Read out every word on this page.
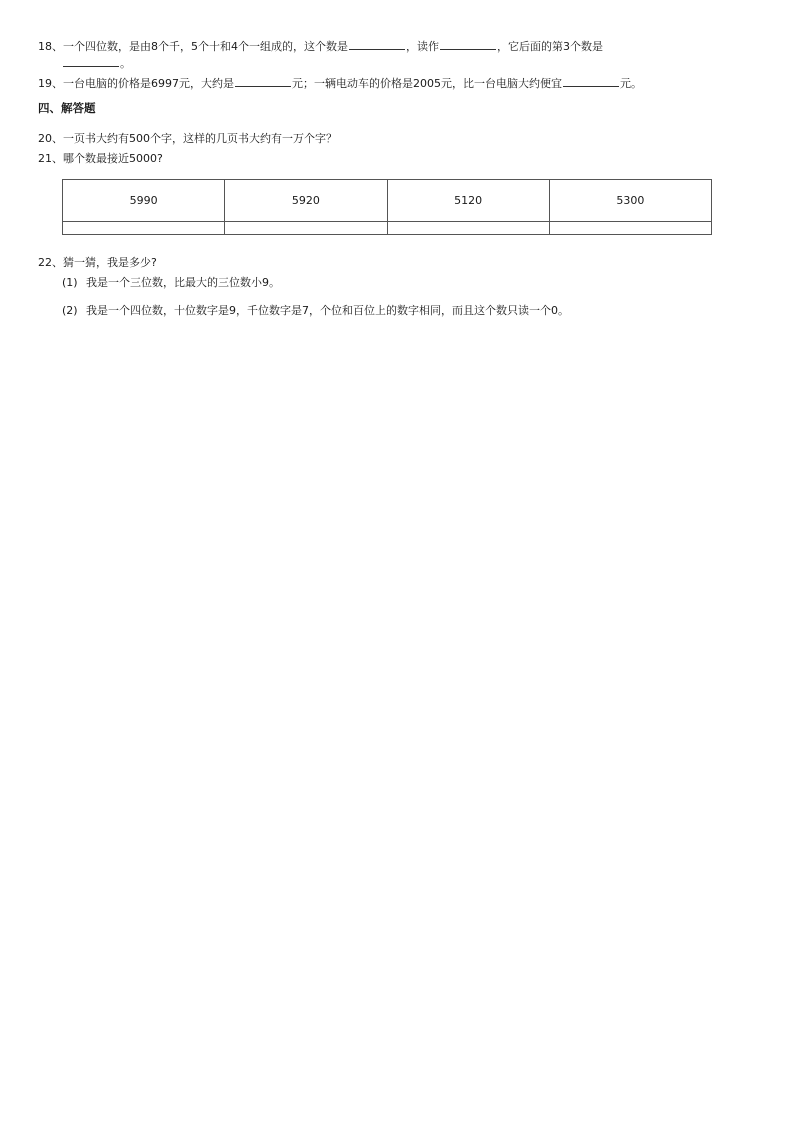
18、一个四位数，是由8个千，5个十和4个一组成的，这个数是	，读作	，它后面的第3个数是
。
19、一台电脑的价格是6997元，大约是	元；一辆电动车的价格是2005元，比一台电脑大约便宜	元。
四、解答题
20、一页书大约有500个字，这样的几页书大约有一万个字？
21、哪个数最接近5000?
5990	5920	5120	5300

22、猜一猜，我是多少?
(1) 我是一个三位数，比最大的三位数小9。
(2) 我是一个四位数，十位数字是9，千位数字是7，个位和百位上的数字相同，而且这个数只读一个0。
